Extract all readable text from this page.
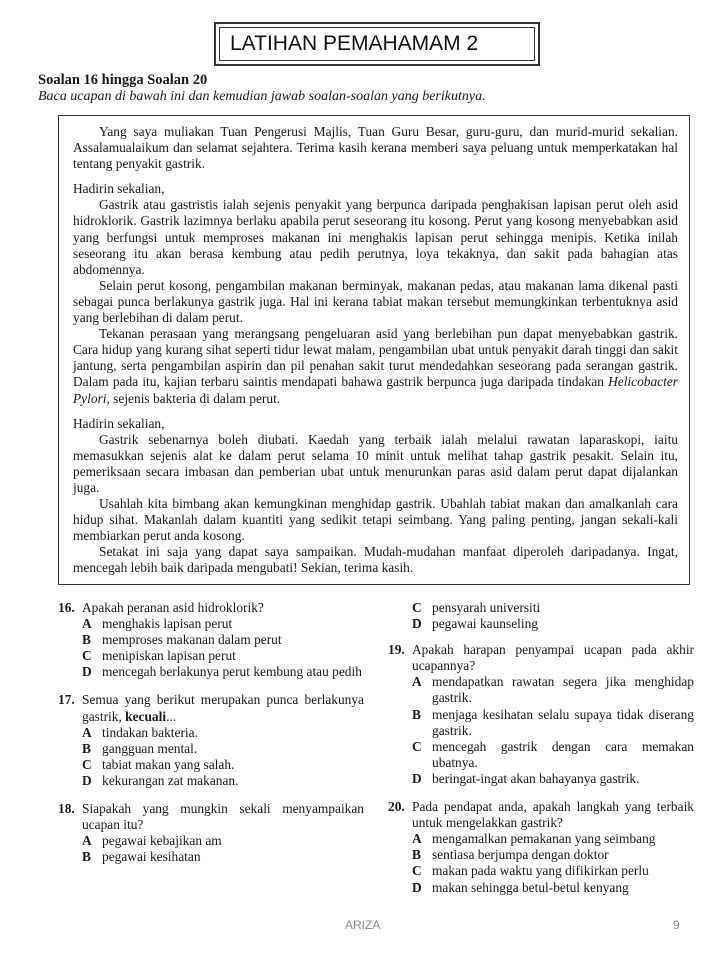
LATIHAN PEMAHAMAM 2
Soalan 16 hingga Soalan 20
Baca ucapan di bawah ini dan kemudian jawab soalan-soalan yang berikutnya.

Yang saya muliakan Tuan Pengerusi Majlis, Tuan Guru Besar, guru-guru, dan murid-murid sekalian. Assalamualaikum dan selamat sejahtera. Terima kasih kerana memberi saya peluang untuk memperkatakan hal tentang penyakit gastrik.

Hadirin sekalian,

Gastrik atau gastristis ialah sejenis penyakit yang berpunca daripada penghakisan lapisan perut oleh asid hidroklorik. Gastrik lazimnya berlaku apabila perut seseorang itu kosong. Perut yang kosong menyebabkan asid yang berfungsi untuk memproses makanan ini menghakis lapisan perut sehingga menipis. Ketika inilah seseorang itu akan berasa kembung atau pedih perutnya, loya tekaknya, dan sakit pada bahagian atas abdomennya.

Selain perut kosong, pengambilan makanan berminyak, makanan pedas, atau makanan lama dikenal pasti sebagai punca berlakunya gastrik juga. Hal ini kerana tabiat makan tersebut memungkinkan terbentuknya asid yang berlebihan di dalam perut.

Tekanan perasaan yang merangsang pengeluaran asid yang berlebihan pun dapat menyebabkan gastrik. Cara hidup yang kurang sihat seperti tidur lewat malam, pengambilan ubat untuk penyakit darah tinggi dan sakit jantung, serta pengambilan aspirin dan pil penahan sakit turut mendedahkan seseorang pada serangan gastrik. Dalam pada itu, kajian terbaru saintis mendapati bahawa gastrik berpunca juga daripada tindakan Helicobacter Pylori, sejenis bakteria di dalam perut.

Hadirin sekalian,

Gastrik sebenarnya boleh diubati. Kaedah yang terbaik ialah melalui rawatan laparaskopi, iaitu memasukkan sejenis alat ke dalam perut selama 10 minit untuk melihat tahap gastrik pesakit. Selain itu, pemeriksaan secara imbasan dan pemberian ubat untuk menurunkan paras asid dalam perut dapat dijalankan juga.

Usahlah kita bimbang akan kemungkinan menghidap gastrik. Ubahlah tabiat makan dan amalkanlah cara hidup sihat. Makanlah dalam kuantiti yang sedikit tetapi seimbang. Yang paling penting, jangan sekali-kali membiarkan perut anda kosong.

Setakat ini saja yang dapat saya sampaikan. Mudah-mudahan manfaat diperoleh daripadanya. Ingat, mencegah lebih baik daripada mengubati! Sekian, terima kasih.

16. Apakah peranan asid hidroklorik?
A menghakis lapisan perut
B memproses makanan dalam perut
C menipiskan lapisan perut
D mencegah berlakunya perut kembung atau pedih
17. Semua yang berikut merupakan punca berlakunya gastrik, kecuali...
A tindakan bakteria.
B gangguan mental.
C tabiat makan yang salah.
D kekurangan zat makanan.
18. Siapakah yang mungkin sekali menyampaikan ucapan itu?
A pegawai kebajikan am
B pegawai kesihatan
C pensyarah universiti
D pegawai kaunseling
19. Apakah harapan penyampai ucapan pada akhir ucapannya?
A mendapatkan rawatan segera jika menghidap gastrik.
B menjaga kesihatan selalu supaya tidak diserang gastrik.
C mencegah gastrik dengan cara memakan ubatnya.
D beringat-ingat akan bahayanya gastrik.
20. Pada pendapat anda, apakah langkah yang terbaik untuk mengelakkan gastrik?
A mengamalkan pemakanan yang seimbang
B sentiasa berjumpa dengan doktor
C makan pada waktu yang difikirkan perlu
D makan sehingga betul-betul kenyang
ARIZA	9
